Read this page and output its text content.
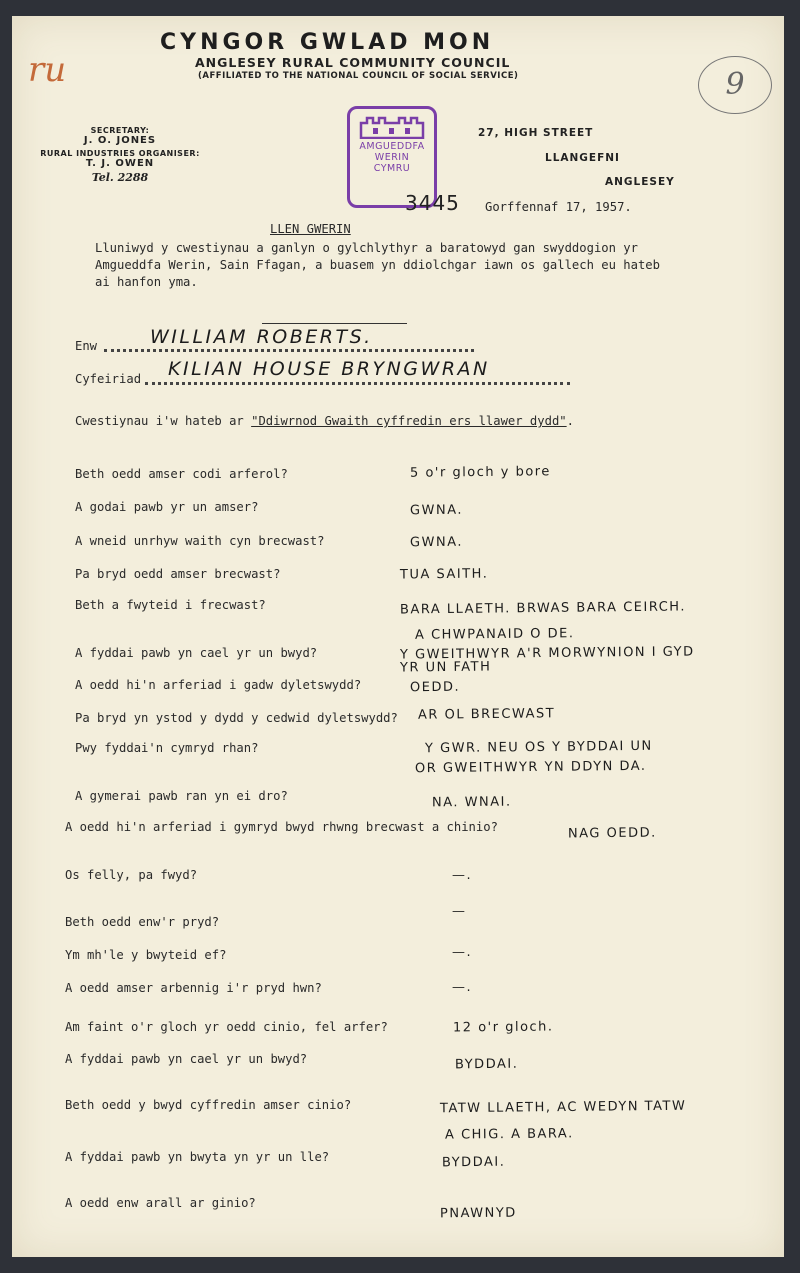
ru	9
CYNGOR GWLAD MON
ANGLESEY RURAL COMMUNITY COUNCIL
(AFFILIATED TO THE NATIONAL COUNCIL OF SOCIAL SERVICE)
SECRETARY:
J. O. JONES
RURAL INDUSTRIES ORGANISER:
T. J. OWEN
Tel. 2288
27, HIGH STREET
LLANGEFNI
ANGLESEY
AMGUEDDFA
WERIN
CYMRU
3445 Gorffennaf 17, 1957.
LLEN GWERIN
Lluniwyd y cwestiynau a ganlyn o gylchlythyr a baratowyd gan swyddogion yr Amgueddfa Werin, Sain Ffagan, a buasem yn ddiolchgar iawn os gallech eu hateb ai hanfon yma.
Enw	WILLIAM ROBERTS.
Cyfeiriad KILIAN HOUSE BRYNGWRAN
Cwestiynau i'w hateb ar "Ddiwrnod Gwaith cyffredin ers llawer dydd".
Beth oedd amser codi arferol?	5 o'r gloch y bore
A godai pawb yr un amser?	GWNA.
A wneid unrhyw waith cyn brecwast?	GWNA.
Pa bryd oedd amser brecwast?	TUA SAITH.
Beth a fwyteid i frecwast?	BARA LLAETH. BRWAS BARA CEIRCH.
A CHWPANAID O DE.
A fyddai pawb yn cael yr un bwyd?	Y GWEITHWYR A'R MORWYNION I GYD
YR UN FATH
A oedd hi'n arferiad i gadw dyletswydd?	OEDD.
Pa bryd yn ystod y dydd y cedwid dyletswydd? AR OL BRECWAST
Pwy fyddai'n cymryd rhan?	Y GWR. NEU OS Y BYDDAI UN
OR GWEITHWYR YN DDYN DA.
A gymerai pawb ran yn ei dro?	NA. WNAI.
A oedd hi'n arferiad i gymryd bwyd rhwng brecwast a chinio?	NAG OEDD.
Os felly, pa fwyd?	—.
Beth oedd enw'r pryd?
—
Ym mh'le y bwyteid ef?	—.
A oedd amser arbennig i'r pryd hwn?	—.
Am faint o'r gloch yr oedd cinio, fel arfer?	12 o'r gloch.
A fyddai pawb yn cael yr un bwyd?	BYDDAI.
Beth oedd y bwyd cyffredin amser cinio?	TATW LLAETH, AC WEDYN TATW
A CHIG. A BARA.
A fyddai pawb yn bwyta yn yr un lle?	BYDDAI.
A oedd enw arall ar ginio?
PNAWNYD
